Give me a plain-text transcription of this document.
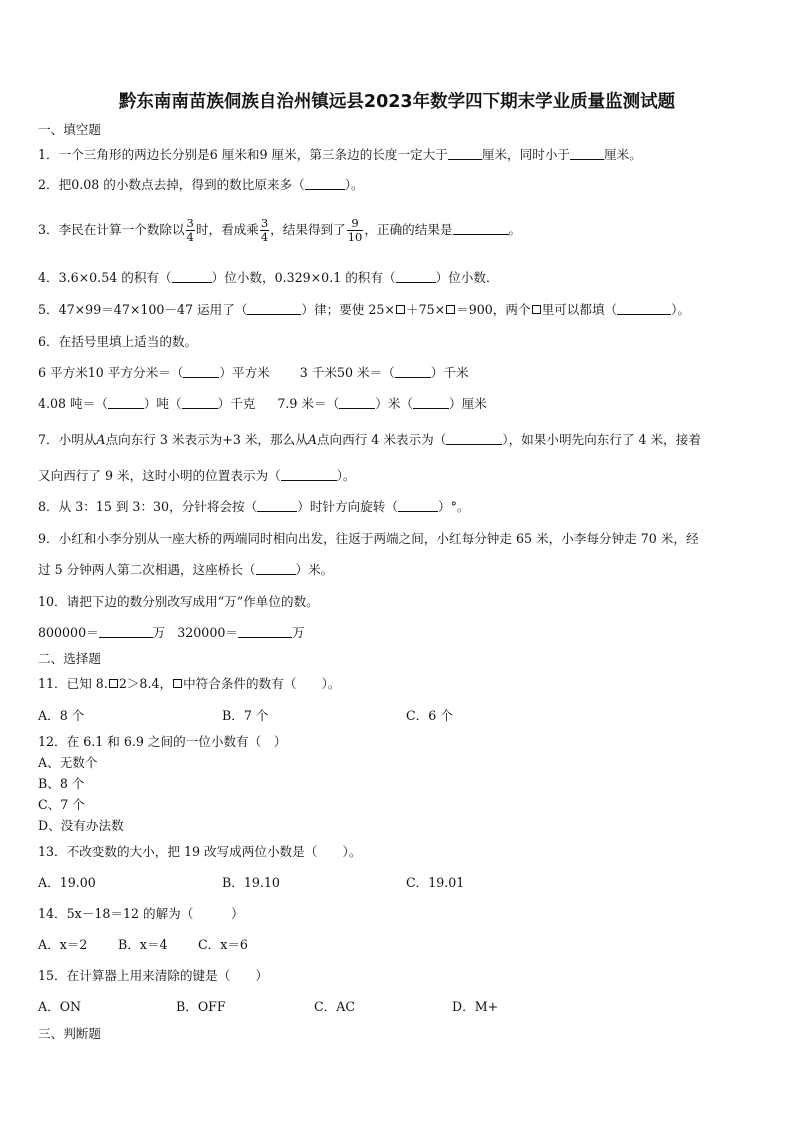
黔东南南苗族侗族自治州镇远县2023年数学四下期末学业质量监测试题
一、填空题
1．一个三角形的两边长分别是6 厘米和9 厘米，第三条边的长度一定大于	厘米，同时小于	厘米。
2．把0.08 的小数点去掉，得到的数比原来多（	）。
3．李民在计算一个数除以 $\frac{3}{4}$ 时，看成乘 $\frac{3}{4}$ ，结果得到了 $\frac{9}{10}$ ，正确的结果是	。
4．3.6×0.54 的积有（	）位小数，0.329×0.1 的积有（	）位小数．
5．47×99＝47×100－47 运用了（	）律；要使 25× ＋75× ＝900，两个 里可以都填（	）。
6．在括号里填上适当的数。
6 平方米10 平方分米＝（	）平方米 3 千米50 米＝（	）千米
4.08 吨＝（	）吨（	）千克 7.9 米＝（	）米（	）厘米
7．小明从A点向东行 3 米表示为+3 米，那么从A点向西行 4 米表示为（	），如果小明先向东行了 4 米，接着
又向西行了 9 米，这时小明的位置表示为（	）。
8．从 3：15 到 3：30，分针将会按（	）时针方向旋转（	）°。
9．小红和小李分别从一座大桥的两端同时相向出发，往返于两端之间，小红每分钟走 65 米，小李每分钟走 70 米，经
过 5 分钟两人第二次相遇，这座桥长（	）米。
10．请把下边的数分别改写成用“万”作单位的数。
800000＝	万 320000＝	万
二、选择题
11．已知 8. 2＞8.4， 中符合条件的数有（　　）。
A．8 个	B．7 个	C．6 个
12．在 6.1 和 6.9 之间的一位小数有（　）
A、无数个
B、8 个
C、7 个
D、没有办法数
13．不改变数的大小，把 19 改写成两位小数是（　　）。
A．19.00	B．19.10	C．19.01
14．5x－18＝12 的解为（　　　）
A．x＝2 B．x＝4 C．x＝6
15．在计算器上用来清除的键是（　　）
A．ON	B．OFF	C．AC	D．M+
三、判断题
